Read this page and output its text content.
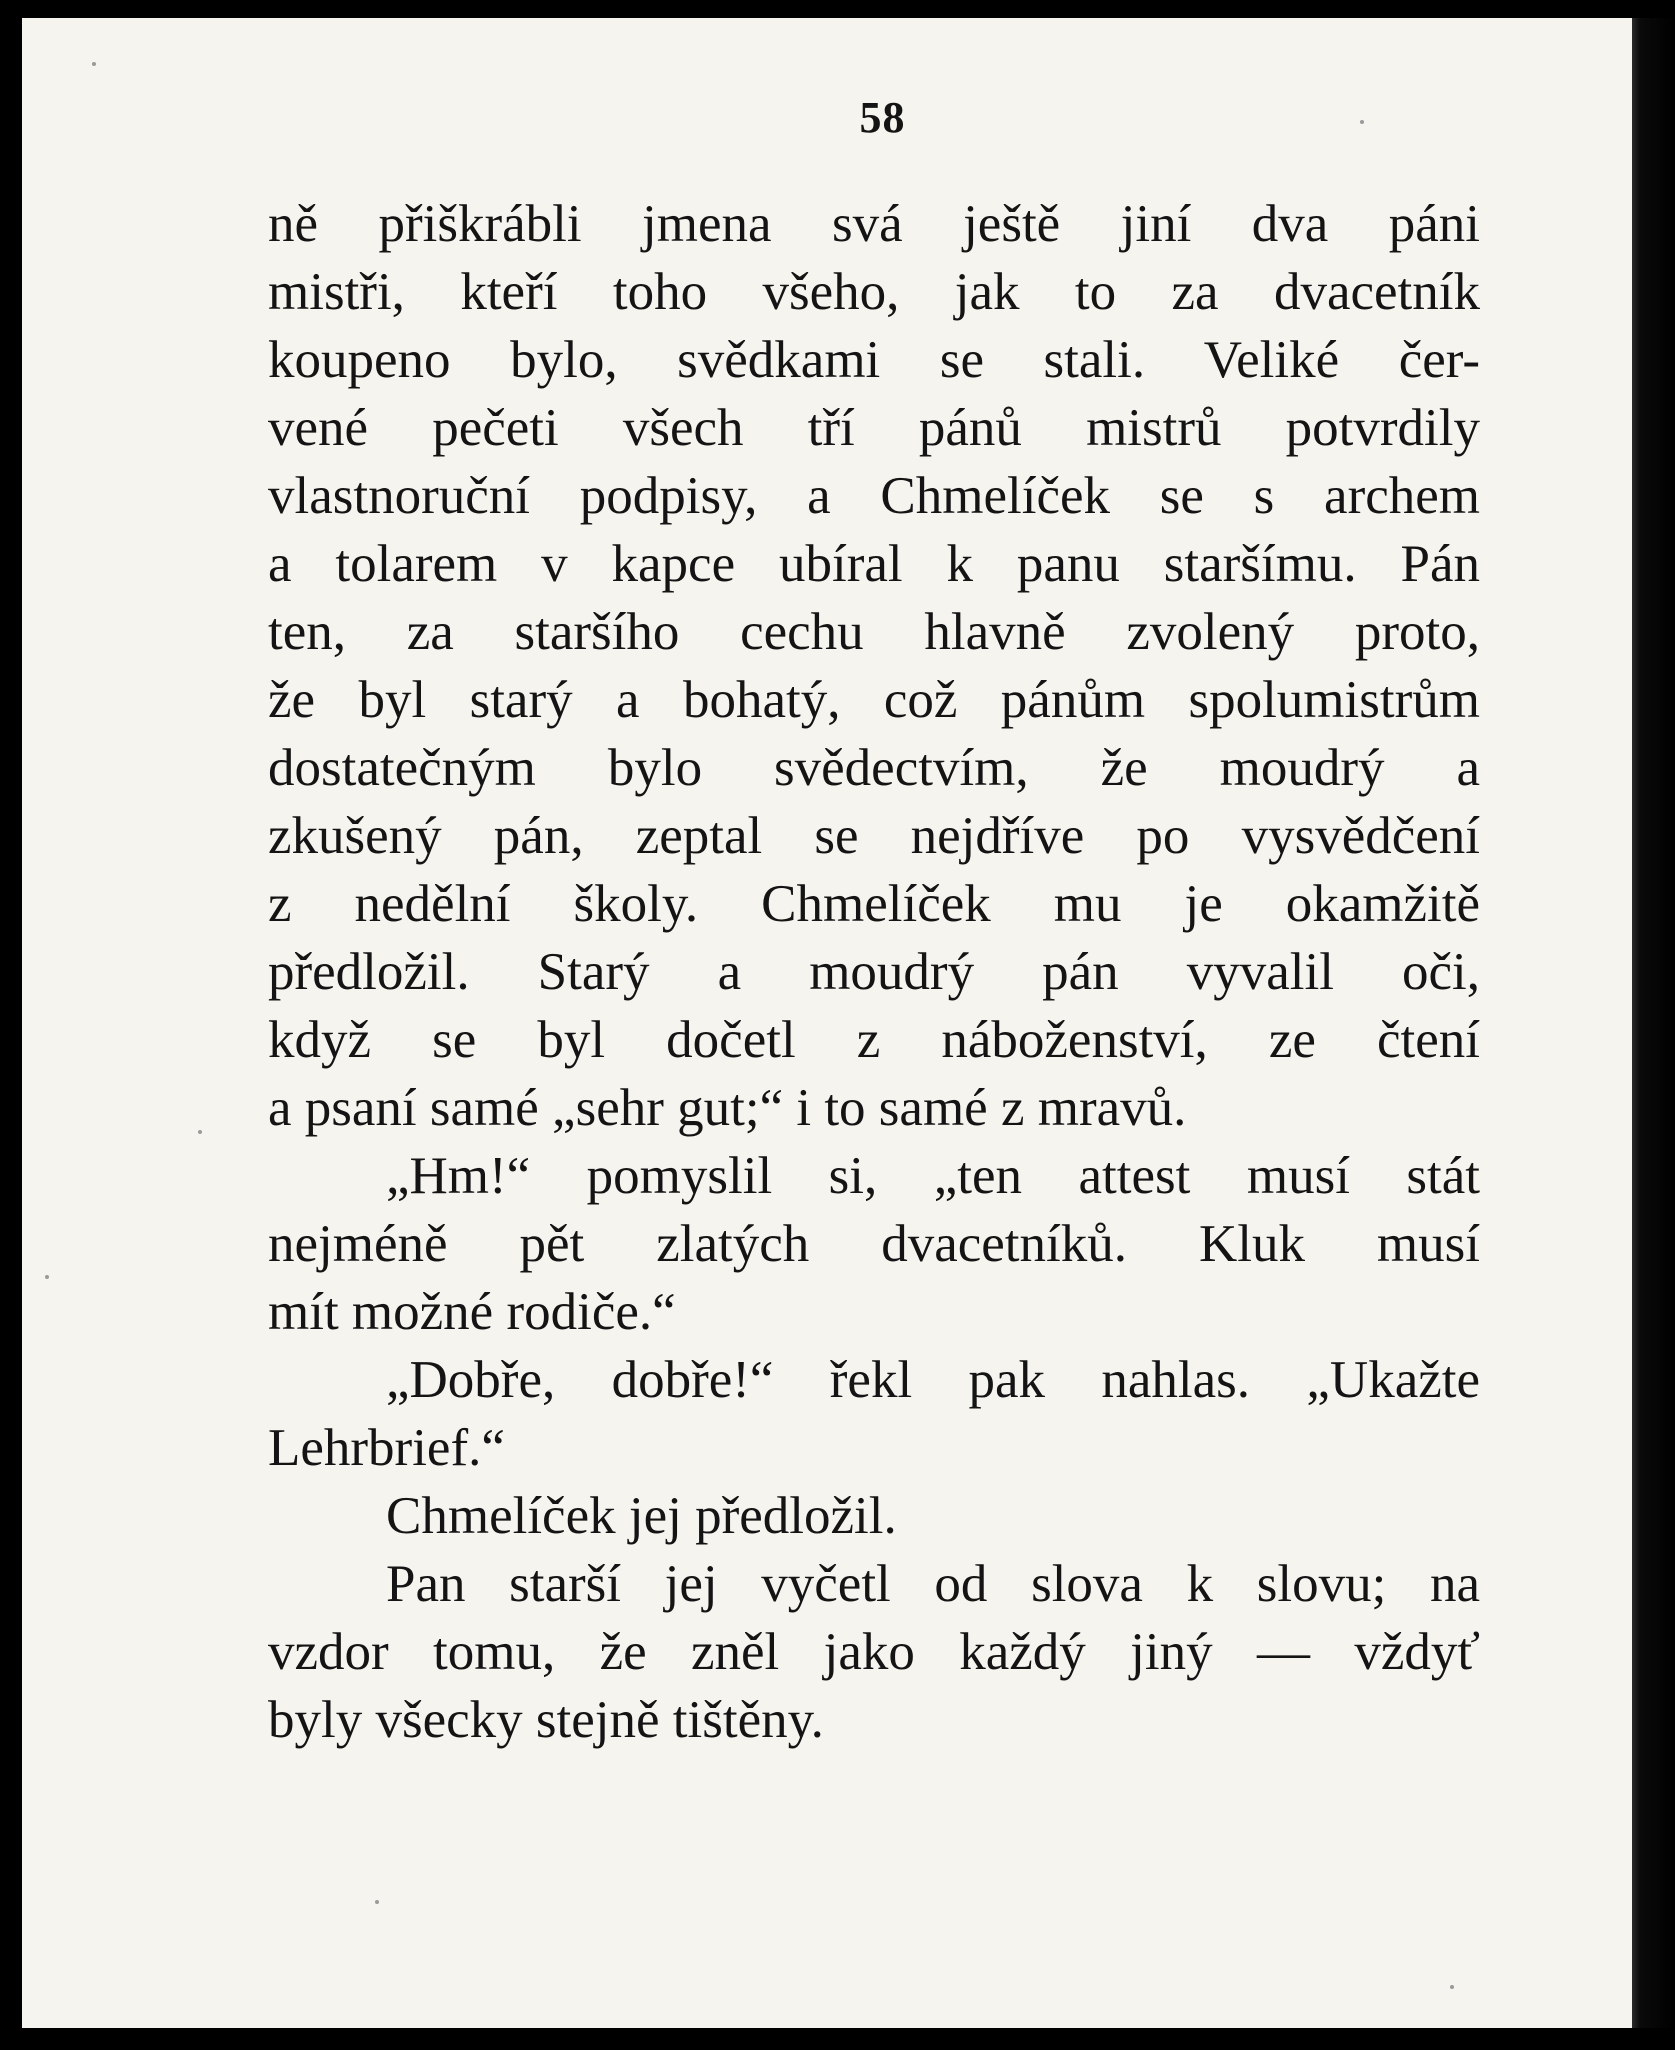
58
ně přiškrábli jmena svá ještě jiní dva páni
mistři, kteří toho všeho, jak to za dvacetník
koupeno bylo, svědkami se stali. Veliké čer-
vené pečeti všech tří pánů mistrů potvrdily
vlastnoruční podpisy, a Chmelíček se s archem
a tolarem v kapce ubíral k panu staršímu. Pán
ten, za staršího cechu hlavně zvolený proto,
že byl starý a bohatý, což pánům spolumistrům
dostatečným bylo svědectvím, že moudrý a
zkušený pán, zeptal se nejdříve po vysvědčení
z nedělní školy. Chmelíček mu je okamžitě
předložil. Starý a moudrý pán vyvalil oči,
když se byl dočetl z náboženství, ze čtení
a psaní samé „sehr gut;“ i to samé z mravů.
„Hm!“ pomyslil si, „ten attest musí stát
nejméně pět zlatých dvacetníků. Kluk musí
mít možné rodiče.“
„Dobře, dobře!“ řekl pak nahlas. „Ukažte
Lehrbrief.“
Chmelíček jej předložil.
Pan starší jej vyčetl od slova k slovu; na
vzdor tomu, že zněl jako každý jiný — vždyť
byly všecky stejně tištěny.
